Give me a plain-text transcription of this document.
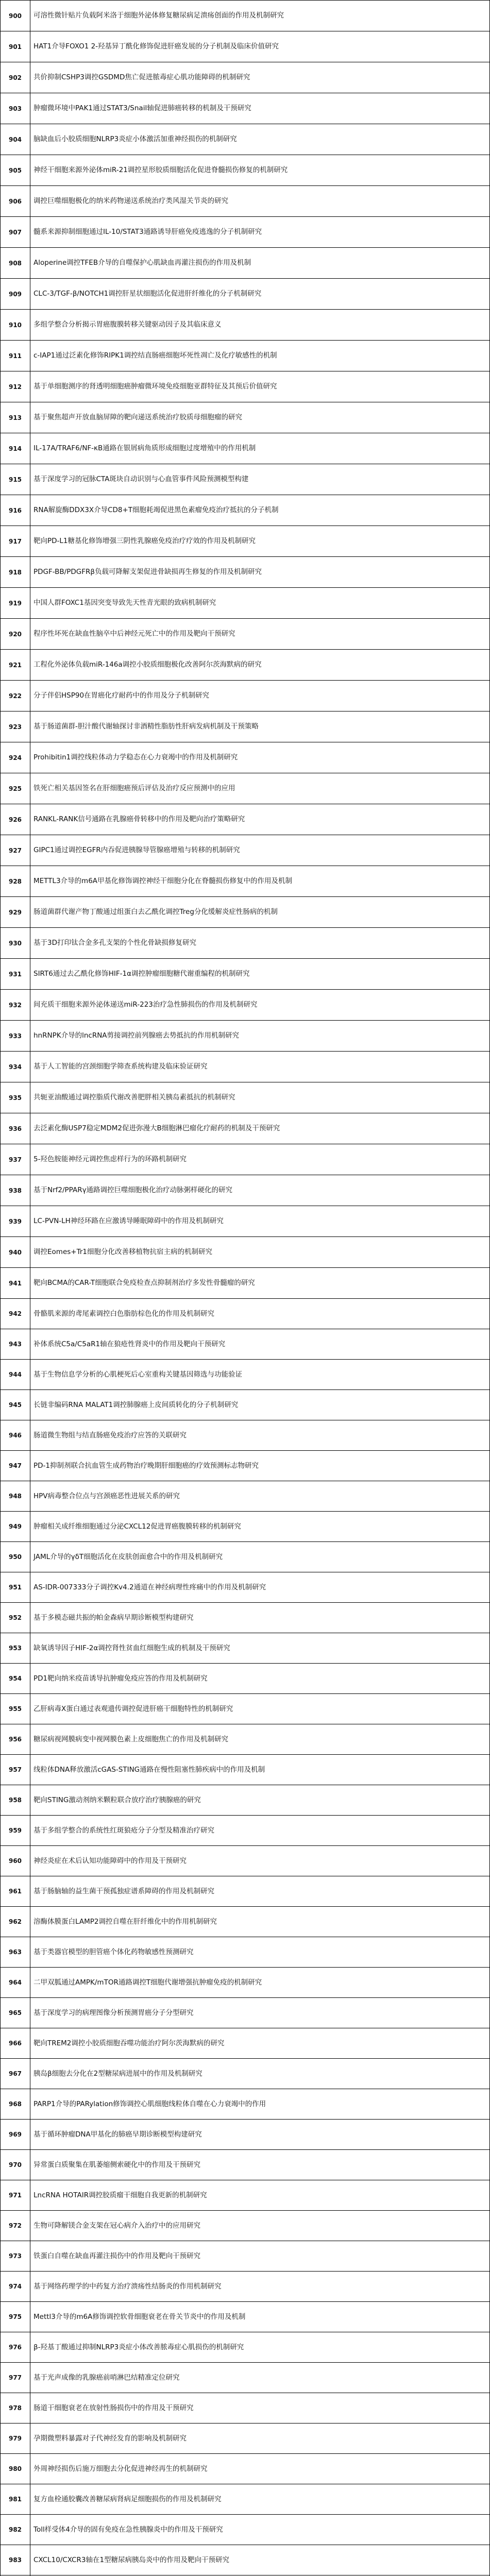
900	可溶性微针贴片负载阿米洛于细胞外泌体修复糖尿病足溃疡创面的作用及机制研究
901	HAT1介导FOXO1 2-羟基异丁酰化修饰促进肝癌发展的分子机制及临床价值研究
902	共价抑制CSHP3调控GSDMD焦亡促进脓毒症心肌功能障碍的机制研究
903	肿瘤微环境中PAK1通过STAT3/Snail轴促进肺癌转移的机制及干预研究
904	脑缺血后小胶质细胞NLRP3炎症小体激活加重神经损伤的机制研究
905	神经干细胞来源外泌体miR-21调控星形胶质细胞活化促进脊髓损伤修复的机制研究
906	调控巨噬细胞极化的纳米药物递送系统治疗类风湿关节炎的研究
907	髓系来源抑制细胞通过IL-10/STAT3通路诱导肝癌免疫逃逸的分子机制研究
908	Aloperine调控TFEB介导的自噬保护心肌缺血再灌注损伤的作用及机制
909	CLC-3/TGF-β/NOTCH1调控肝星状细胞活化促进肝纤维化的分子机制研究
910	多组学整合分析揭示胃癌腹膜转移关键驱动因子及其临床意义
911	c-IAP1通过泛素化修饰RIPK1调控结直肠癌细胞坏死性凋亡及化疗敏感性的机制
912	基于单细胞测序的肾透明细胞癌肿瘤微环境免疫细胞亚群特征及其预后价值研究
913	基于聚焦超声开放血脑屏障的靶向递送系统治疗胶质母细胞瘤的研究
914	IL-17A/TRAF6/NF-κB通路在银屑病角质形成细胞过度增殖中的作用机制
915	基于深度学习的冠脉CTA斑块自动识别与心血管事件风险预测模型构建
916	RNA解旋酶DDX3X介导CD8+T细胞耗竭促进黑色素瘤免疫治疗抵抗的分子机制
917	靶向PD-L1糖基化修饰增强三阴性乳腺癌免疫治疗疗效的作用及机制研究
918	PDGF-BB/PDGFRβ负载可降解支架促进骨缺损再生修复的作用及机制研究
919	中国人群FOXC1基因突变导致先天性青光眼的致病机制研究
920	程序性坏死在缺血性脑卒中后神经元死亡中的作用及靶向干预研究
921	工程化外泌体负载miR-146a调控小胶质细胞极化改善阿尔茨海默病的研究
922	分子伴侣HSP90在胃癌化疗耐药中的作用及分子机制研究
923	基于肠道菌群-胆汁酸代谢轴探讨非酒精性脂肪性肝病发病机制及干预策略
924	Prohibitin1调控线粒体动力学稳态在心力衰竭中的作用及机制研究
925	铁死亡相关基因签名在肝细胞癌预后评估及治疗反应预测中的应用
926	RANKL-RANK信号通路在乳腺癌骨转移中的作用及靶向治疗策略研究
927	GIPC1通过调控EGFR内吞促进胰腺导管腺癌增殖与转移的机制研究
928	METTL3介导的m6A甲基化修饰调控神经干细胞分化在脊髓损伤修复中的作用及机制
929	肠道菌群代谢产物丁酸通过组蛋白去乙酰化调控Treg分化缓解炎症性肠病的机制
930	基于3D打印钛合金多孔支架的个性化骨缺损修复研究
931	SIRT6通过去乙酰化修饰HIF-1α调控肿瘤细胞糖代谢重编程的机制研究
932	间充质干细胞来源外泌体递送miR-223治疗急性肺损伤的作用及机制研究
933	hnRNPK介导的lncRNA剪接调控前列腺癌去势抵抗的作用机制研究
934	基于人工智能的宫颈细胞学筛查系统构建及临床验证研究
935	共轭亚油酸通过调控脂质代谢改善肥胖相关胰岛素抵抗的机制研究
936	去泛素化酶USP7稳定MDM2促进弥漫大B细胞淋巴瘤化疗耐药的机制及干预研究
937	5-羟色胺能神经元调控焦虑样行为的环路机制研究
938	基于Nrf2/PPARγ通路调控巨噬细胞极化治疗动脉粥样硬化的研究
939	LC-PVN-LH神经环路在应激诱导睡眠障碍中的作用及机制研究
940	调控Eomes+Tr1细胞分化改善移植物抗宿主病的机制研究
941	靶向BCMA的CAR-T细胞联合免疫检查点抑制剂治疗多发性骨髓瘤的研究
942	骨骼肌来源的鸢尾素调控白色脂肪棕色化的作用及机制研究
943	补体系统C5a/C5aR1轴在狼疮性肾炎中的作用及靶向干预研究
944	基于生物信息学分析的心肌梗死后心室重构关键基因筛选与功能验证
945	长链非编码RNA MALAT1调控肺腺癌上皮间质转化的分子机制研究
946	肠道微生物组与结直肠癌免疫治疗应答的关联研究
947	PD-1抑制剂联合抗血管生成药物治疗晚期肝细胞癌的疗效预测标志物研究
948	HPV病毒整合位点与宫颈癌恶性进展关系的研究
949	肿瘤相关成纤维细胞通过分泌CXCL12促进胃癌腹膜转移的机制研究
950	JAML介导的γδT细胞活化在皮肤创面愈合中的作用及机制研究
951	AS-IDR-007333分子调控Kv4.2通道在神经病理性疼痛中的作用及机制研究
952	基于多模态磁共振的帕金森病早期诊断模型构建研究
953	缺氧诱导因子HIF-2α调控肾性贫血红细胞生成的机制及干预研究
954	PD1靶向纳米疫苗诱导抗肿瘤免疫应答的作用及机制研究
955	乙肝病毒X蛋白通过表观遗传调控促进肝癌干细胞特性的机制研究
956	糖尿病视网膜病变中视网膜色素上皮细胞焦亡的作用及机制研究
957	线粒体DNA释放激活cGAS-STING通路在慢性阻塞性肺疾病中的作用及机制
958	靶向STING激动剂纳米颗粒联合放疗治疗胰腺癌的研究
959	基于多组学整合的系统性红斑狼疮分子分型及精准治疗研究
960	神经炎症在术后认知功能障碍中的作用及干预研究
961	基于肠脑轴的益生菌干预孤独症谱系障碍的作用及机制研究
962	溶酶体膜蛋白LAMP2调控自噬在肝纤维化中的作用机制研究
963	基于类器官模型的胆管癌个体化药物敏感性预测研究
964	二甲双胍通过AMPK/mTOR通路调控T细胞代谢增强抗肿瘤免疫的机制研究
965	基于深度学习的病理图像分析预测胃癌分子分型研究
966	靶向TREM2调控小胶质细胞吞噬功能治疗阿尔茨海默病的研究
967	胰岛β细胞去分化在2型糖尿病进展中的作用及机制研究
968	PARP1介导的PARylation修饰调控心肌细胞线粒体自噬在心力衰竭中的作用
969	基于循环肿瘤DNA甲基化的肺癌早期诊断模型构建研究
970	异常蛋白质聚集在肌萎缩侧索硬化中的作用及干预研究
971	LncRNA HOTAIR调控胶质瘤干细胞自我更新的机制研究
972	生物可降解镁合金支架在冠心病介入治疗中的应用研究
973	铁蛋白自噬在缺血再灌注损伤中的作用及靶向干预研究
974	基于网络药理学的中药复方治疗溃疡性结肠炎的作用机制研究
975	Mettl3介导的m6A修饰调控软骨细胞衰老在骨关节炎中的作用及机制
976	β-羟基丁酸通过抑制NLRP3炎症小体改善脓毒症心肌损伤的机制研究
977	基于光声成像的乳腺癌前哨淋巴结精准定位研究
978	肠道干细胞衰老在放射性肠损伤中的作用及干预研究
979	孕期微塑料暴露对子代神经发育的影响及机制研究
980	外周神经损伤后施万细胞去分化促进神经再生的机制研究
981	复方血栓通胶囊改善糖尿病肾病足细胞损伤的作用及机制研究
982	Toll样受体4介导的固有免疫在急性胰腺炎中的作用及干预研究
983	CXCL10/CXCR3轴在1型糖尿病胰岛炎中的作用及靶向干预研究
